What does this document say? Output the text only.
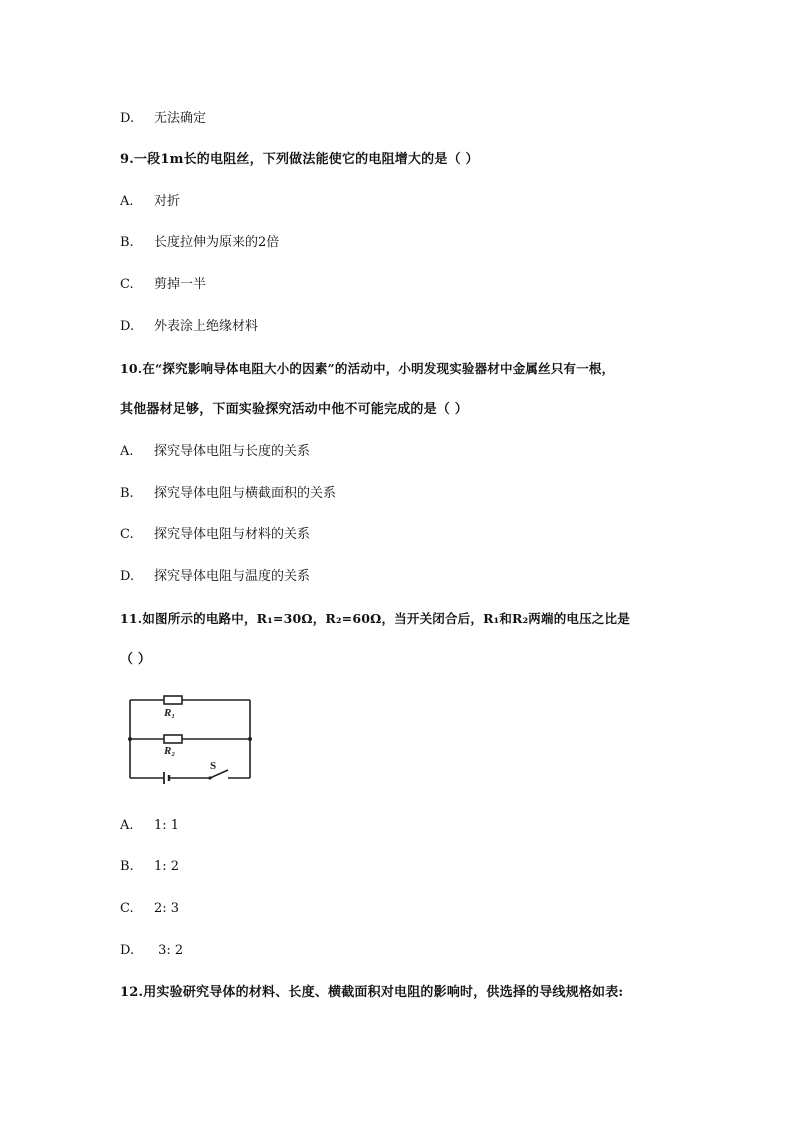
D. 无法确定
9.一段1m长的电阻丝，下列做法能使它的电阻增大的是（ ）
A. 对折
B. 长度拉伸为原来的2倍
C. 剪掉一半
D. 外表涂上绝缘材料
10.在“探究影响导体电阻大小的因素”的活动中，小明发现实验器材中金属丝只有一根，
其他器材足够，下面实验探究活动中他不可能完成的是（ ）
A. 探究导体电阻与长度的关系
B. 探究导体电阻与横截面积的关系
C. 探究导体电阻与材料的关系
D. 探究导体电阻与温度的关系
11.如图所示的电路中，R₁=30Ω，R₂=60Ω，当开关闭合后，R₁和R₂两端的电压之比是
（ ）
R₁
R₂
S
A. 1: 1
B. 1: 2
C. 2: 3
D. 3: 2
12.用实验研究导体的材料、长度、横截面积对电阻的影响时，供选择的导线规格如表:
